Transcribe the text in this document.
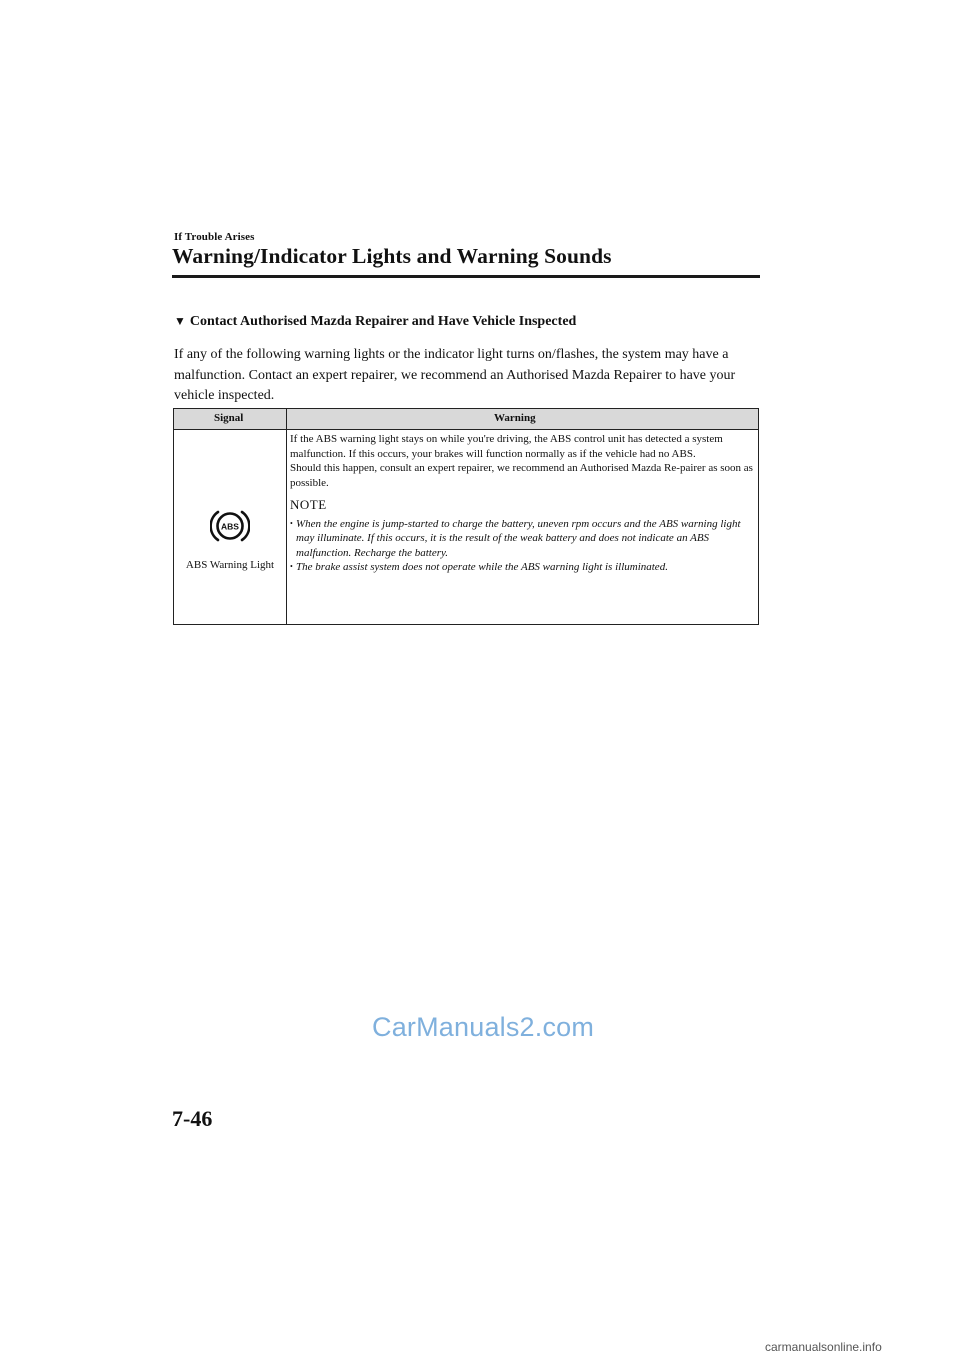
If Trouble Arises
Warning/Indicator Lights and Warning Sounds
▼ Contact Authorised Mazda Repairer and Have Vehicle Inspected

If any of the following warning lights or the indicator light turns on/flashes, the system may have a malfunction. Contact an expert repairer, we recommend an Authorised Mazda Repairer to have your vehicle inspected.

Signal	Warning
ABS
ABS Warning Light

If the ABS warning light stays on while you're driving, the ABS control unit has detected a system malfunction. If this occurs, your brakes will function normally as if the vehicle had no ABS.

Should this happen, consult an expert repairer, we recommend an Authorised Mazda Re-pairer as soon as possible.

NOTE

• When the engine is jump-started to charge the battery, uneven rpm occurs and the ABS warning light may illuminate. If this occurs, it is the result of the weak battery and does not indicate an ABS malfunction. Recharge the battery.
• The brake assist system does not operate while the ABS warning light is illuminated.
CarManuals2.com
7-46
carmanualsonline.info
